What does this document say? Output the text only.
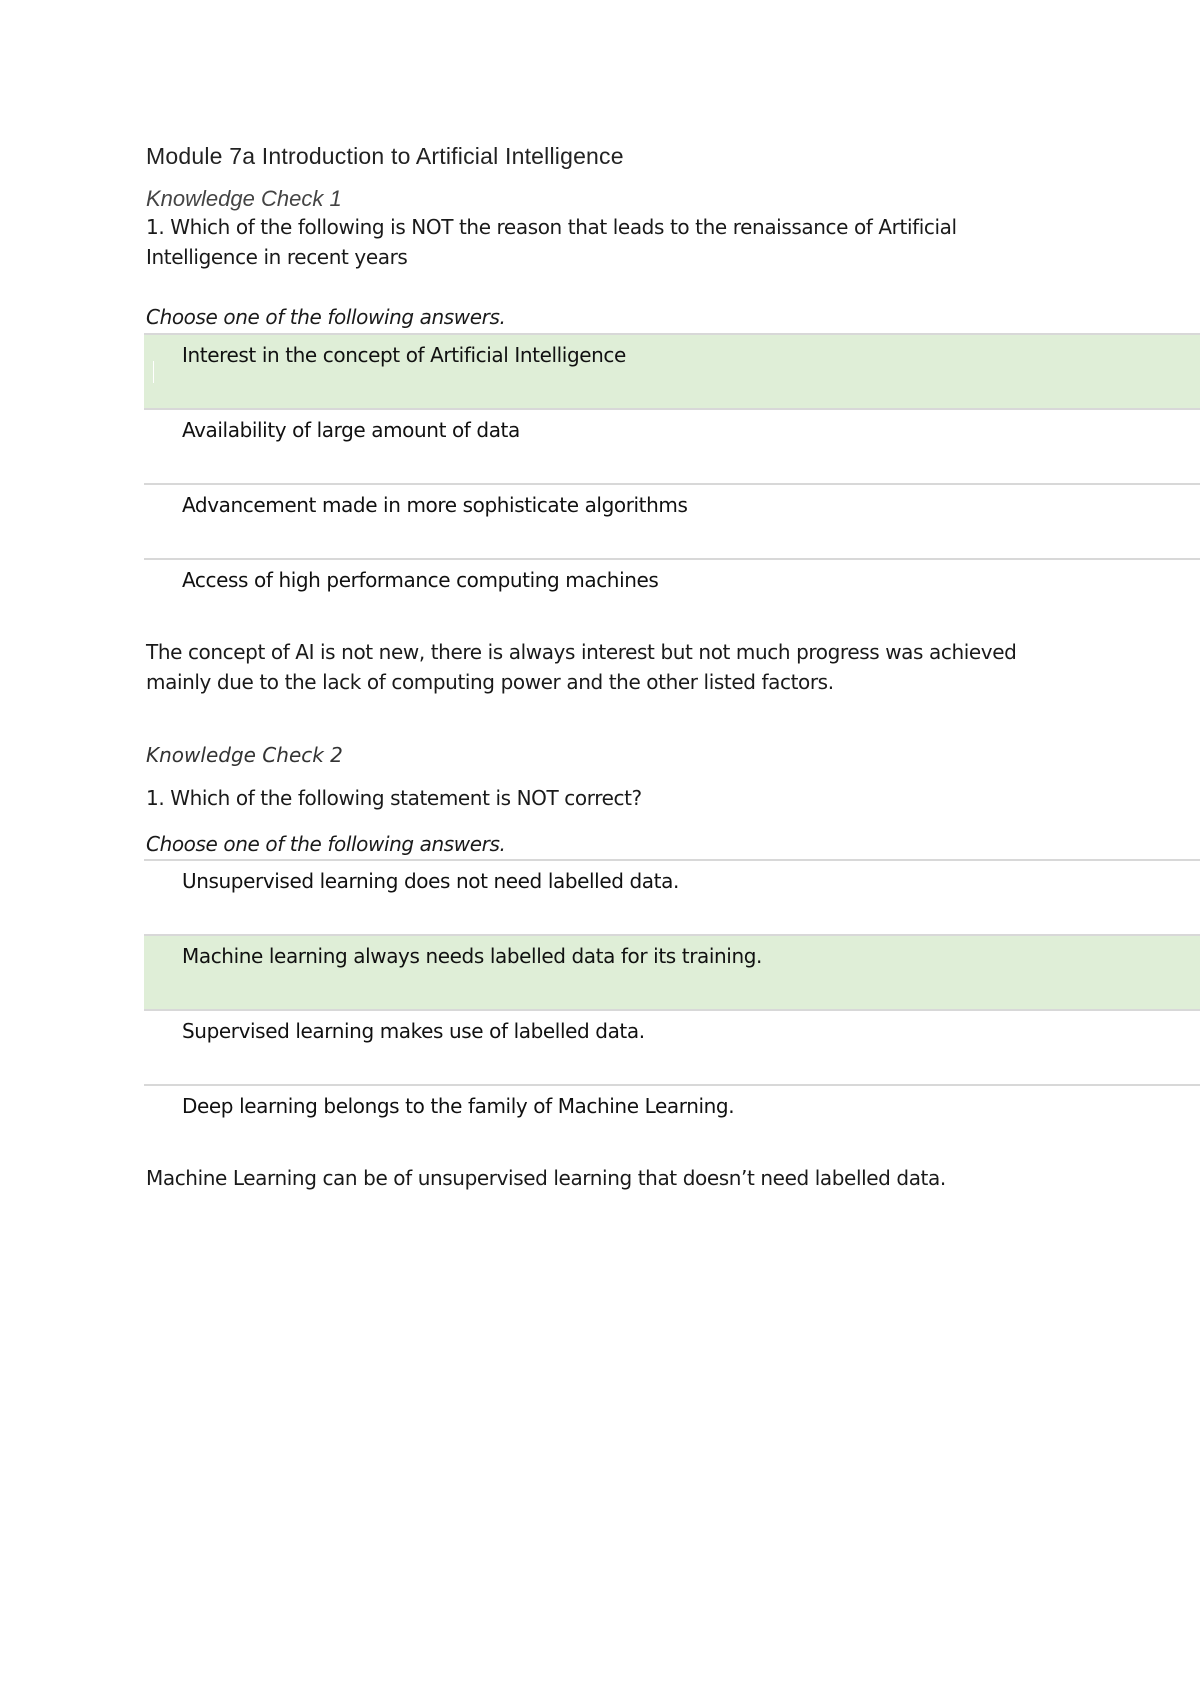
Module 7a Introduction to Artificial Intelligence
Knowledge Check 1
1. Which of the following is NOT the reason that leads to the renaissance of Artificial Intelligence in recent years
Choose one of the following answers.
Interest in the concept of Artificial Intelligence
Availability of large amount of data
Advancement made in more sophisticate algorithms
Access of high performance computing machines
The concept of AI is not new, there is always interest but not much progress was achieved mainly due to the lack of computing power and the other listed factors.
Knowledge Check 2
1. Which of the following statement is NOT correct?
Choose one of the following answers.
Unsupervised learning does not need labelled data.
Machine learning always needs labelled data for its training.
Supervised learning makes use of labelled data.
Deep learning belongs to the family of Machine Learning.
Machine Learning can be of unsupervised learning that doesn’t need labelled data.
